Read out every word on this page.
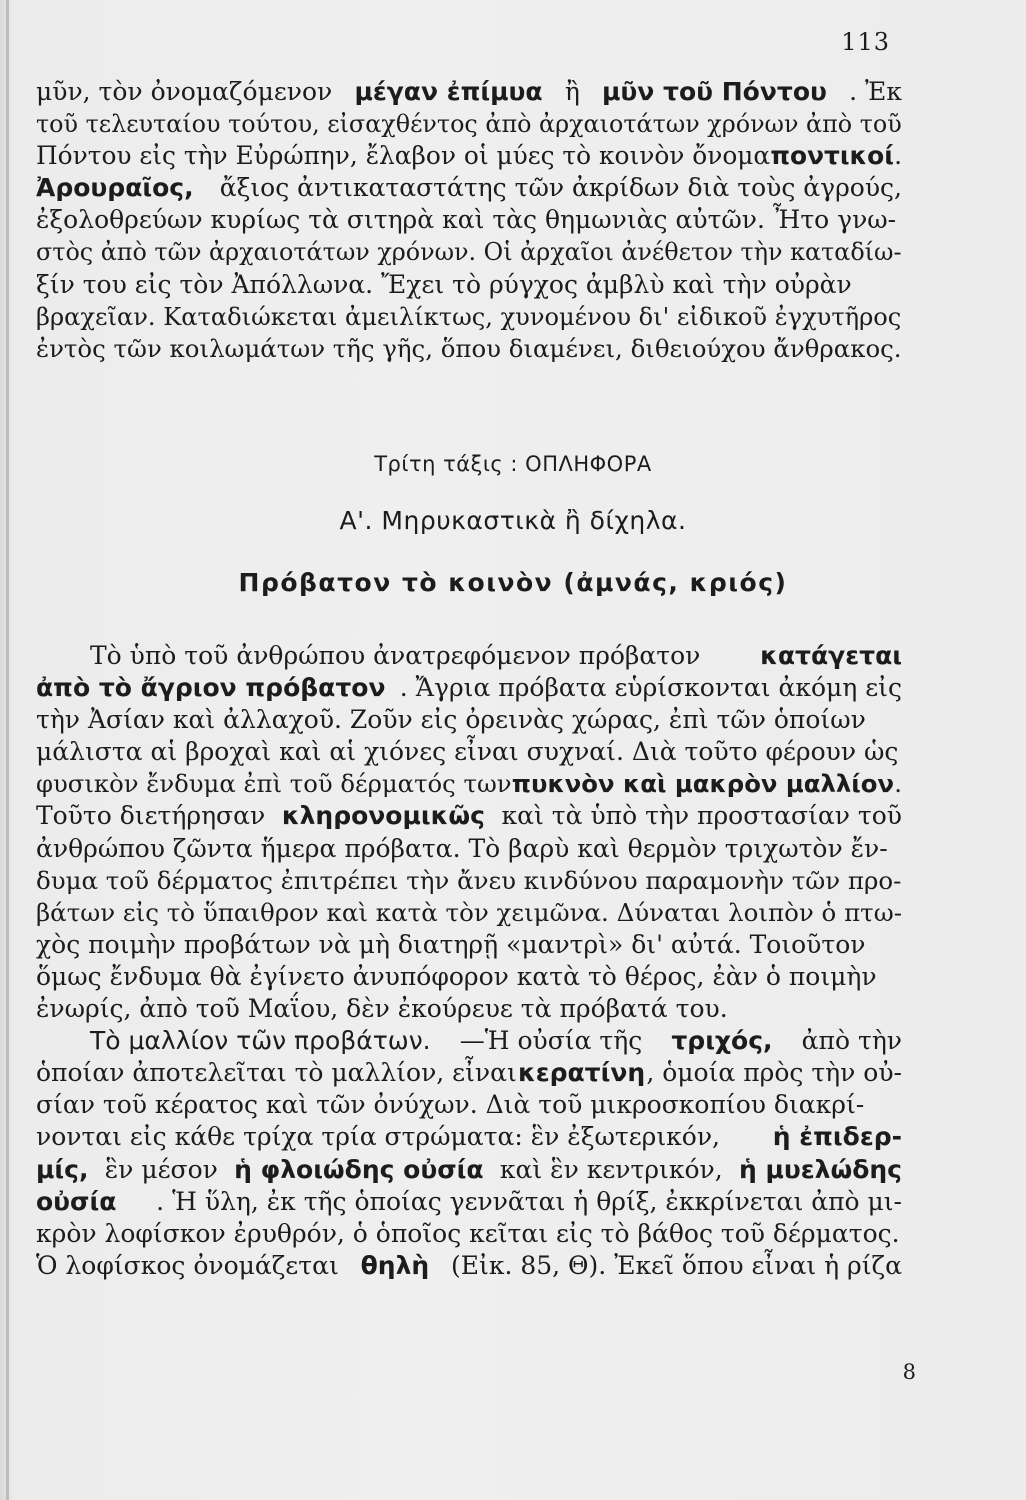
113
μῦν, τὸν ὀνομαζόμενον μέγαν ἐπίμυα ἢ μῦν τοῦ Πόντου . Ἐκ
τοῦ τελευταίου τούτου, εἰσαχθέντος ἀπὸ ἀρχαιοτάτων χρόνων ἀπὸ τοῦ
Πόντου εἰς τὴν Εὐρώπην, ἔλαβον οἱ μύες τὸ κοινὸν ὄνομα ποντικοί .
Ἀρουραῖος, ἄξιος ἀντικαταστάτης τῶν ἀκρίδων διὰ τοὺς ἀγρούς,
ἐξολοθρεύων κυρίως τὰ σιτηρὰ καὶ τὰς θημωνιὰς αὐτῶν. Ἦτο γνω-
στὸς ἀπὸ τῶν ἀρχαιοτάτων χρόνων. Οἱ ἀρχαῖοι ἀνέθετον τὴν καταδίω-
ξίν του εἰς τὸν Ἀπόλλωνα. Ἔχει τὸ ρύγχος ἀμβλὺ καὶ τὴν οὐρὰν
βραχεῖαν. Καταδιώκεται ἀμειλίκτως, χυνομένου δι' εἰδικοῦ ἐγχυτῆρος
ἐντὸς τῶν κοιλωμάτων τῆς γῆς, ὅπου διαμένει, διθειούχου ἄνθρακος.
Τρίτη τάξις : ΟΠΛΗΦΟΡΑ
Α'. Μηρυκαστικὰ ἢ δίχηλα.
Πρόβατον τὸ κοινὸν (ἀμνάς, κριός)
Τὸ ὑπὸ τοῦ ἀνθρώπου ἀνατρεφόμενον πρόβατον κατάγεται
ἀπὸ τὸ ἄγριον πρόβατον . Ἄγρια πρόβατα εὑρίσκονται ἀκόμη εἰς
τὴν Ἀσίαν καὶ ἀλλαχοῦ. Ζοῦν εἰς ὀρεινὰς χώρας, ἐπὶ τῶν ὁποίων
μάλιστα αἱ βροχαὶ καὶ αἱ χιόνες εἶναι συχναί. Διὰ τοῦτο φέρουν ὡς
φυσικὸν ἔνδυμα ἐπὶ τοῦ δέρματός των πυκνὸν καὶ μακρὸν μαλλίον .
Τοῦτο διετήρησαν κληρονομικῶς καὶ τὰ ὑπὸ τὴν προστασίαν τοῦ
ἀνθρώπου ζῶντα ἥμερα πρόβατα. Τὸ βαρὺ καὶ θερμὸν τριχωτὸν ἔν-
δυμα τοῦ δέρματος ἐπιτρέπει τὴν ἄνευ κινδύνου παραμονὴν τῶν προ-
βάτων εἰς τὸ ὕπαιθρον καὶ κατὰ τὸν χειμῶνα. Δύναται λοιπὸν ὁ πτω-
χὸς ποιμὴν προβάτων νὰ μὴ διατηρῇ «μαντρὶ» δι' αὐτά. Τοιοῦτον
ὅμως ἔνδυμα θὰ ἐγίνετο ἀνυπόφορον κατὰ τὸ θέρος, ἐὰν ὁ ποιμὴν
ἐνωρίς, ἀπὸ τοῦ Μαΐου, δὲν ἐκούρευε τὰ πρόβατά του.
Τὸ μαλλίον τῶν προβάτων. —Ἡ οὐσία τῆς τριχός, ἀπὸ τὴν
ὁποίαν ἀποτελεῖται τὸ μαλλίον, εἶναι κερατίνη , ὁμοία πρὸς τὴν οὐ-
σίαν τοῦ κέρατος καὶ τῶν ὀνύχων. Διὰ τοῦ μικροσκοπίου διακρί-
νονται εἰς κάθε τρίχα τρία στρώματα: ἓν ἐξωτερικόν, ἡ ἐπιδερ-
μίς, ἓν μέσον ἡ φλοιώδης οὐσία καὶ ἓν κεντρικόν, ἡ μυελώδης
οὐσία . Ἡ ὕλη, ἐκ τῆς ὁποίας γεννᾶται ἡ θρίξ, ἐκκρίνεται ἀπὸ μι-
κρὸν λοφίσκον ἐρυθρόν, ὁ ὁποῖος κεῖται εἰς τὸ βάθος τοῦ δέρματος.
Ὁ λοφίσκος ὀνομάζεται θηλὴ (Εἰκ. 85, Θ). Ἐκεῖ ὅπου εἶναι ἡ ρίζα
8
